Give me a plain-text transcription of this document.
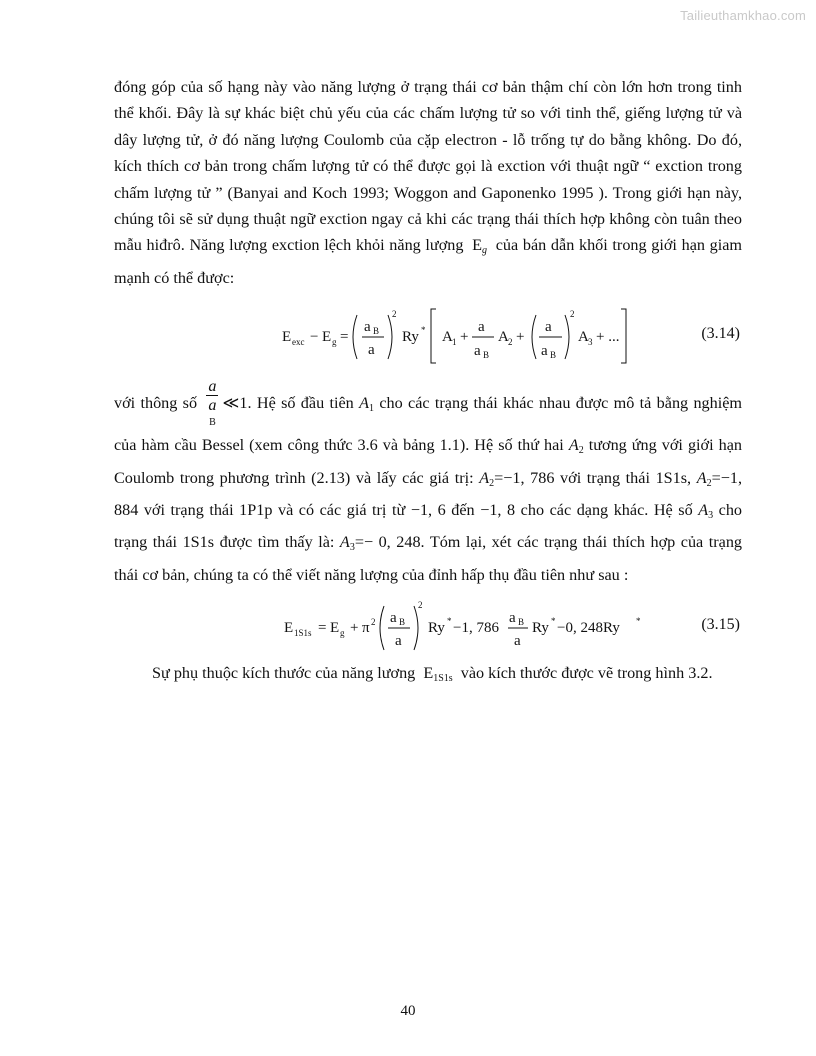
Tailieuthamkhao.com

đóng góp của số hạng này vào năng lượng ở trạng thái cơ bản thậm chí còn lớn hơn trong tinh thể khối. Đây là sự khác biệt chủ yếu của các chấm lượng tử so với tinh thể, giếng lượng tử và dây lượng tử, ở đó năng lượng Coulomb của cặp electron - lỗ trống tự do bằng không. Do đó, kích thích cơ bản trong chấm lượng tử có thể được gọi là exction với thuật ngữ “ exction trong chấm lượng tử ” (Banyai and Koch 1993; Woggon and Gaponenko 1995 ). Trong giới hạn này, chúng tôi sẽ sử dụng thuật ngữ exction ngay cả khi các trạng thái thích hợp không còn tuân theo mẫu hiđrô. Năng lượng exction lệch khỏi năng lượng $E_g$ của bán dẫn khối trong giới hạn giam mạnh có thể được:

E exc − E g =
a B
a
2
Ry * A 1 +
a
a B
A 2 +
a
a B
2
A 3 + ...	(3.14)

với thông số a
a
B ≪1. Hệ số đầu tiên $A_1$ cho các trạng thái khác nhau được mô tả bằng nghiệm của hàm cầu Bessel (xem công thức 3.6 và bảng 1.1). Hệ số thứ hai $A_2$ tương ứng với giới hạn Coulomb trong phương trình (2.13) và lấy các giá trị: $A_2=-1$, 786 với trạng thái 1S1s, $A_2=-1$, 884 với trạng thái 1P1p và có các giá trị từ −1, 6 đến −1, 8 cho các dạng khác. Hệ số $A_3$ cho trạng thái 1S1s được tìm thấy là: $A_3=- 0$, 248. Tóm lại, xét các trạng thái thích hợp của trạng thái cơ bản, chúng ta có thể viết năng lượng của đỉnh hấp thụ đầu tiên như sau :

E 1S1s = E g + π 2 a B
a
2
Ry * −1, 786
a B
a
Ry * −0, 248Ry *	(3.15)

Sự phụ thuộc kích thước của năng lương $E_{1S1s}$ vào kích thước được vẽ trong hình 3.2.

40
